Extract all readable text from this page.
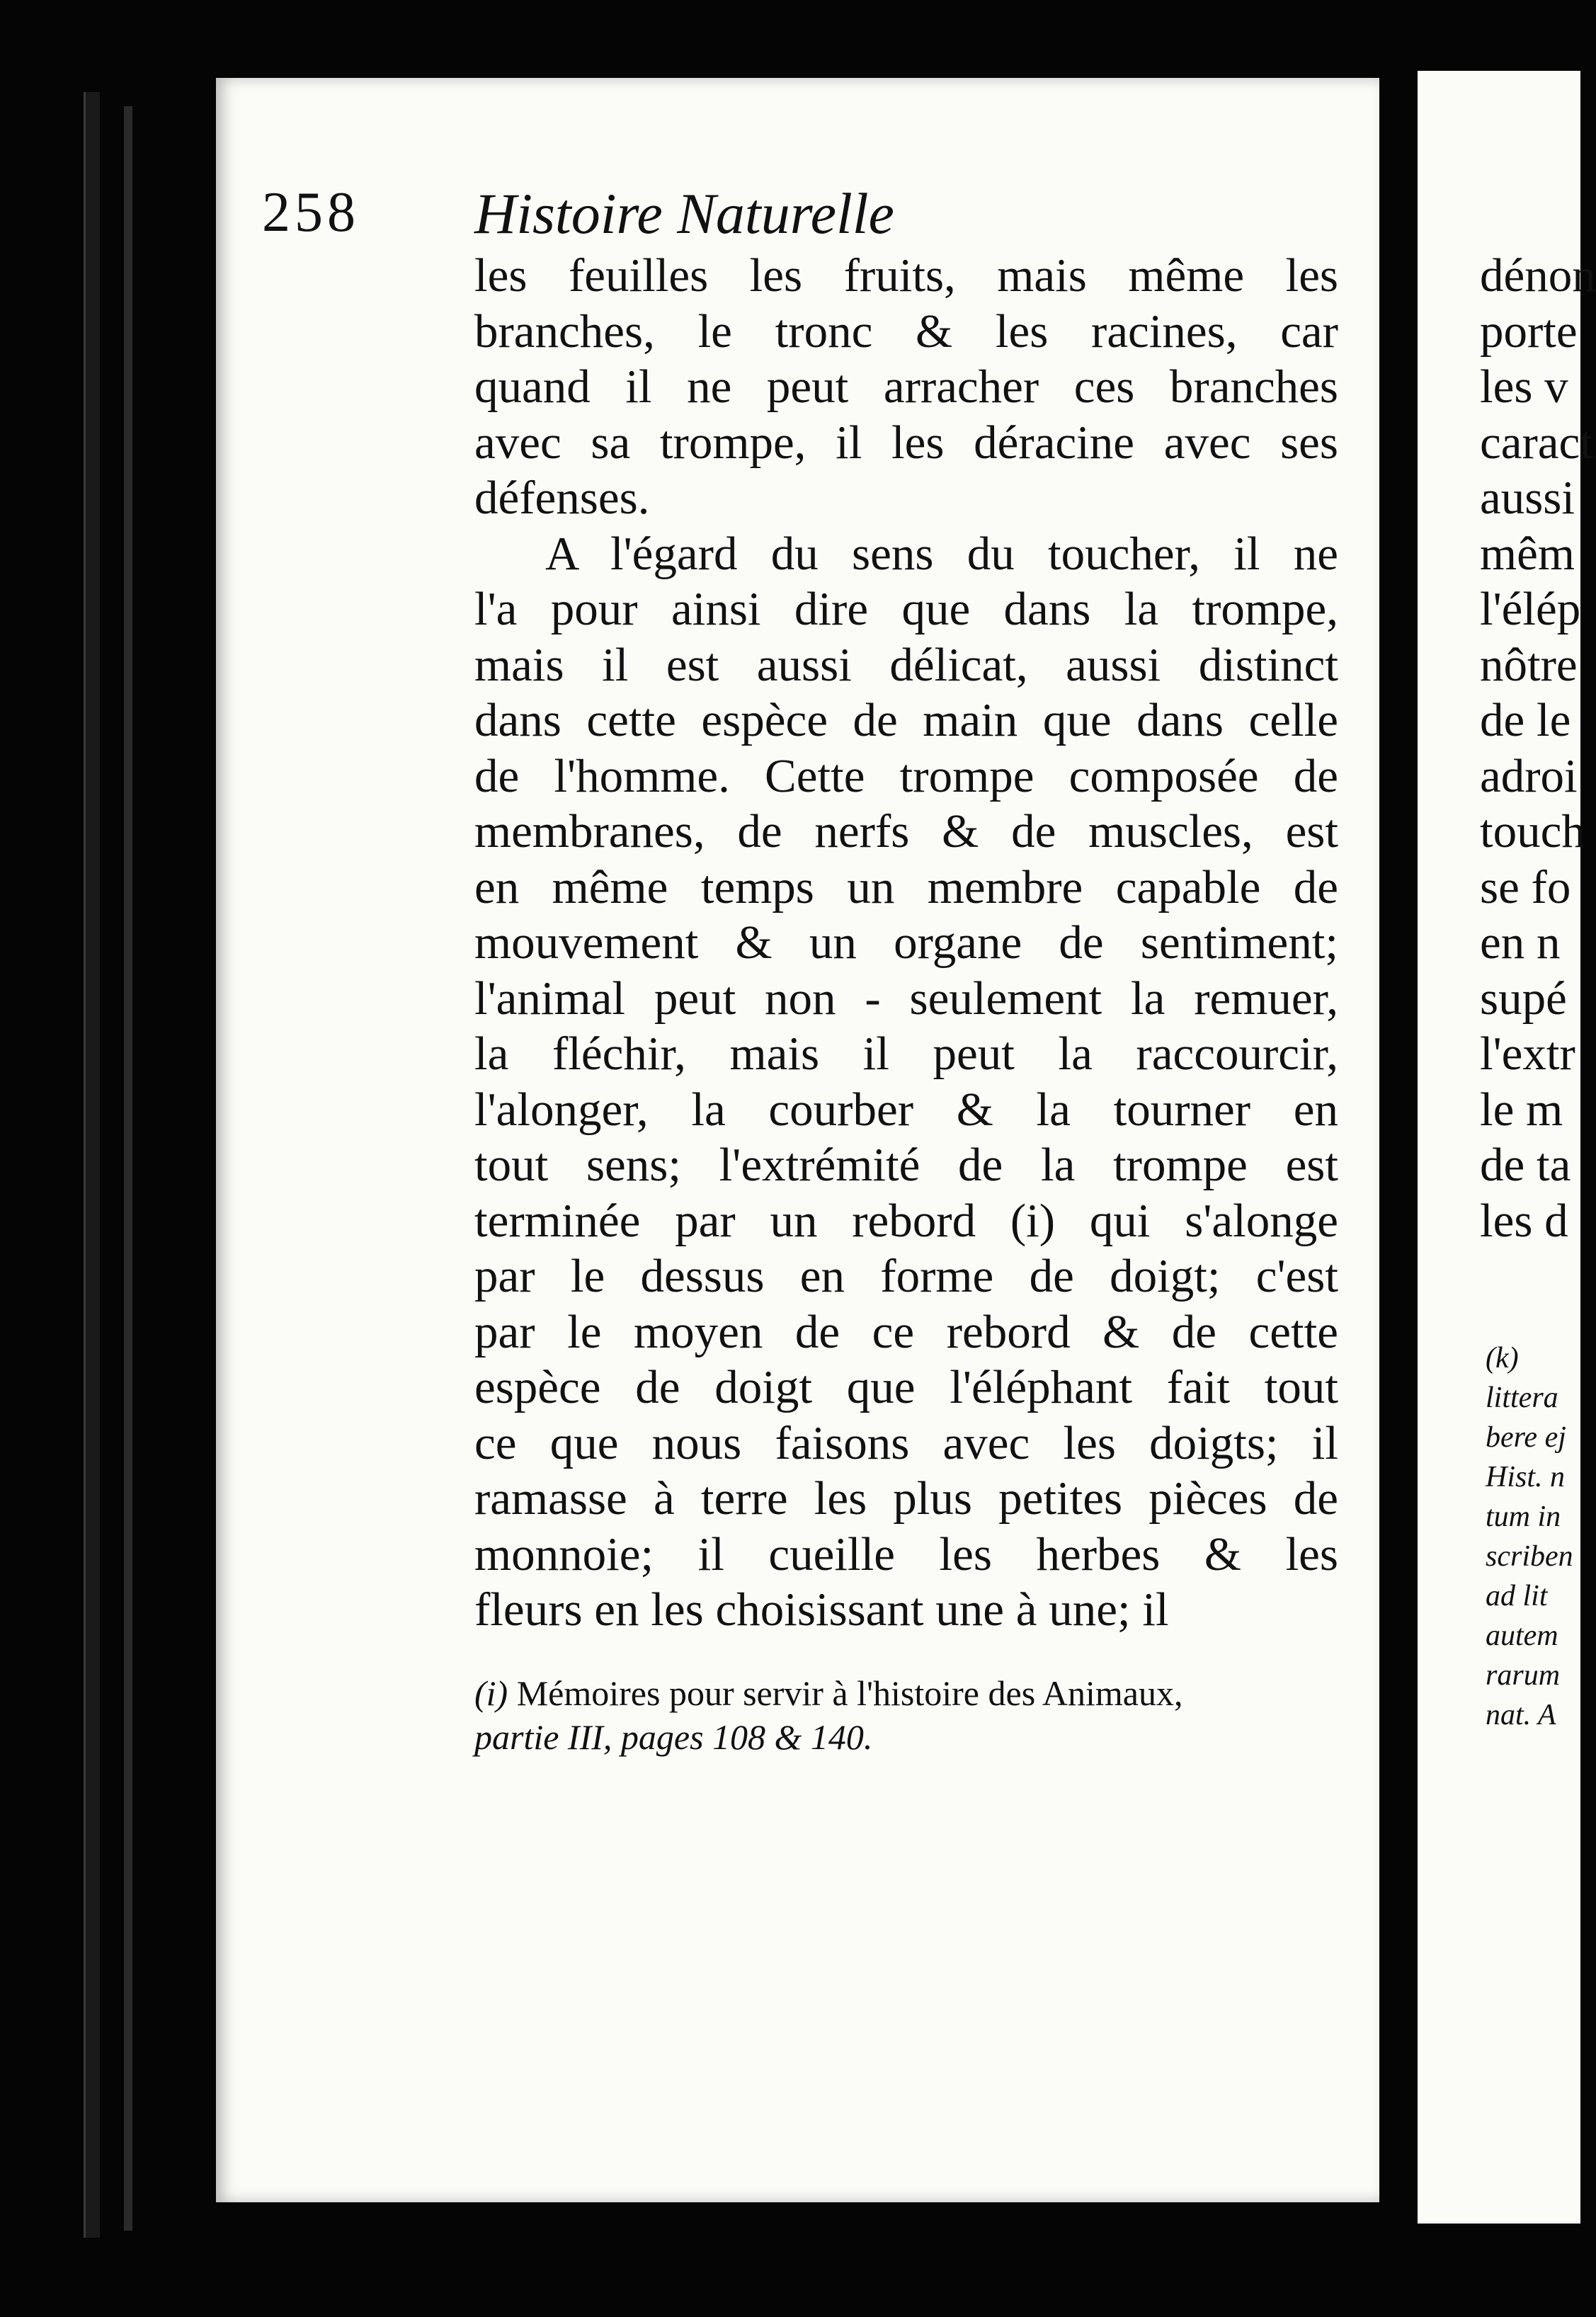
258 Histoire Naturelle
les feuilles les fruits, mais même les
branches, le tronc & les racines, car
quand il ne peut arracher ces branches
avec sa trompe, il les déracine avec ses
défenses.
A l'égard du sens du toucher, il ne
l'a pour ainsi dire que dans la trompe,
mais il est aussi délicat, aussi distinct
dans cette espèce de main que dans celle
de l'homme. Cette trompe composée de
membranes, de nerfs & de muscles, est
en même temps un membre capable de
mouvement & un organe de sentiment;
l'animal peut non - seulement la remuer,
la fléchir, mais il peut la raccourcir,
l'alonger, la courber & la tourner en
tout sens; l'extrémité de la trompe est
terminée par un rebord (i) qui s'alonge
par le dessus en forme de doigt; c'est
par le moyen de ce rebord & de cette
espèce de doigt que l'éléphant fait tout
ce que nous faisons avec les doigts; il
ramasse à terre les plus petites pièces de
monnoie; il cueille les herbes & les
fleurs en les choisissant une à une; il
(i) Mémoires pour servir à l'histoire des Animaux,
partie III, pages 108 & 140.
dénon
porte
les v
caract
aussi
mêm
l'élép
nôtre
de le
adroi
touch
se fo
en n
supé
l'extr
le m
de ta
les d
(k)
littera
bere ej
Hist. n
tum in
scriben
ad lit
autem
rarum
nat. A
